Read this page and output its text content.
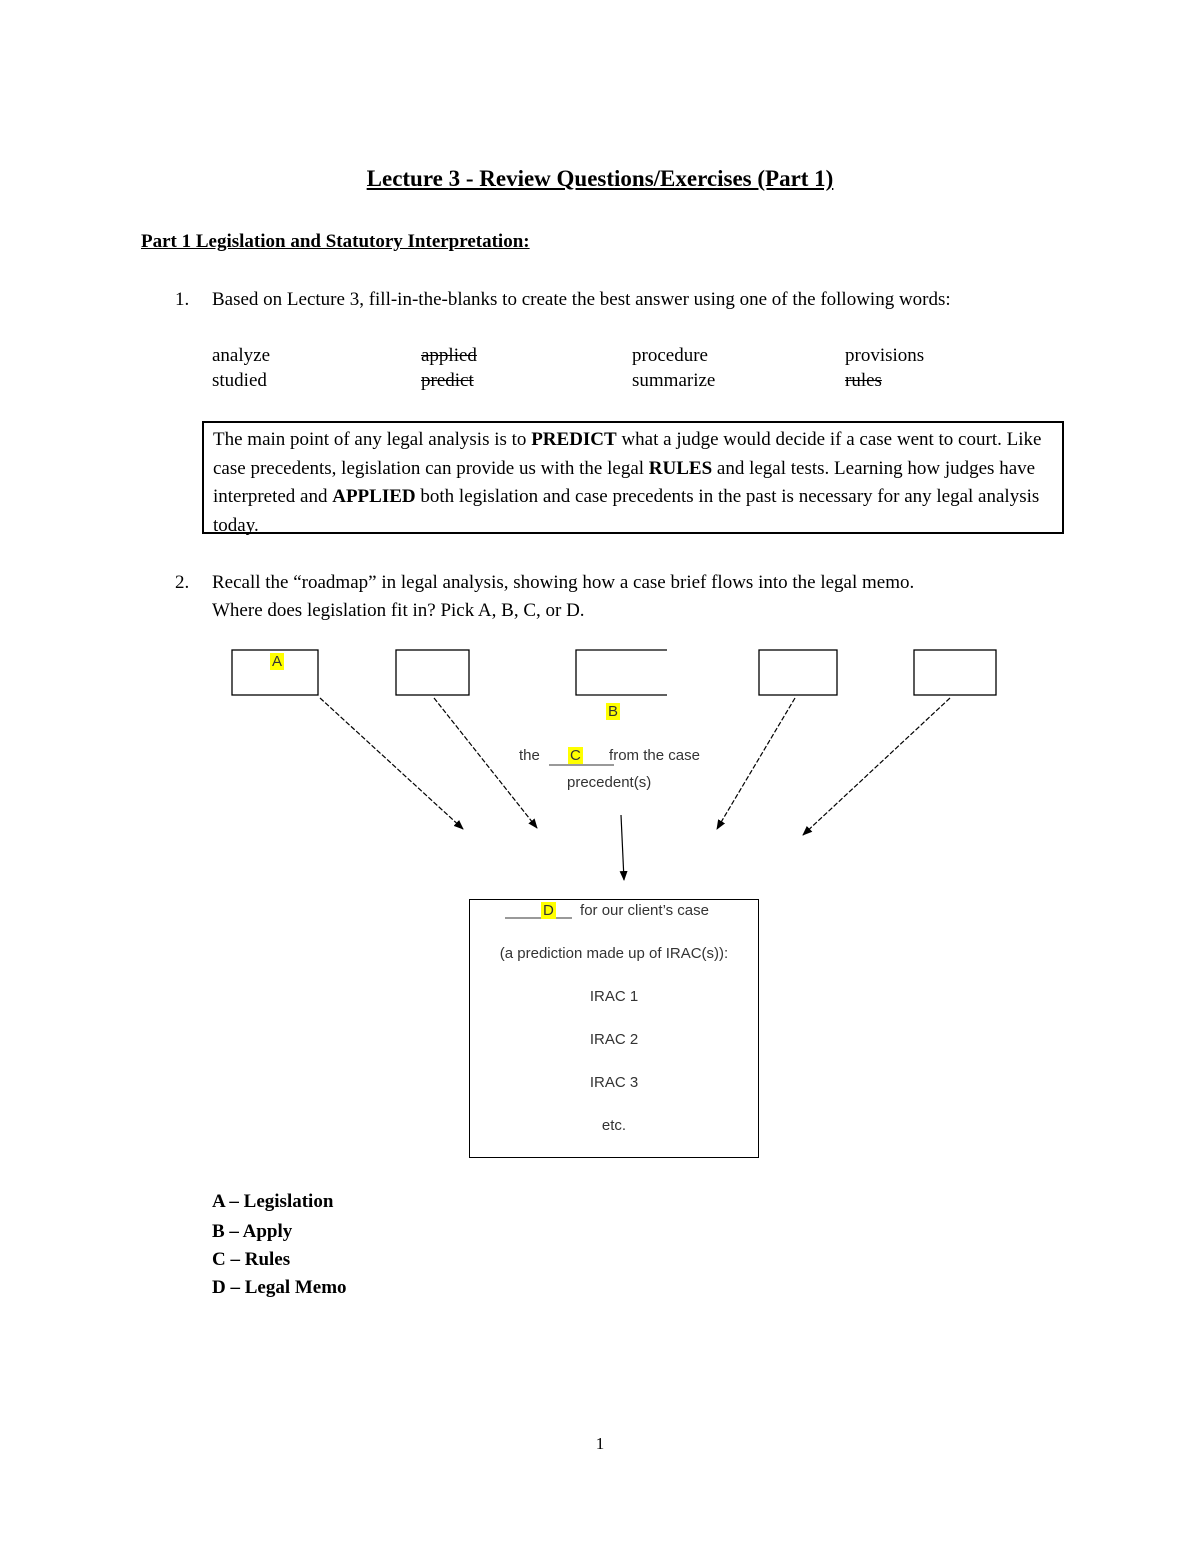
Lecture 3 - Review Questions/Exercises (Part 1)
Part 1 Legislation and Statutory Interpretation:
1. Based on Lecture 3, fill-in-the-blanks to create the best answer using one of the following words:
analyze	applied	procedure	provisions
studied	predict	summarize	rules
The main point of any legal analysis is to PREDICT what a judge would decide if a case went to court. Like case precedents, legislation can provide us with the legal RULES and legal tests. Learning how judges have interpreted and APPLIED both legislation and case precedents in the past is necessary for any legal analysis today.
2. Recall the “roadmap” in legal analysis, showing how a case brief flows into the legal memo.
Where does legislation fit in? Pick A, B, C, or D.
A
B
the C from the case
precedent(s)
D for our client’s case
(a prediction made up of IRAC(s)):
IRAC 1
IRAC 2
IRAC 3
etc.
A – Legislation
B – Apply
C – Rules
D – Legal Memo
1
